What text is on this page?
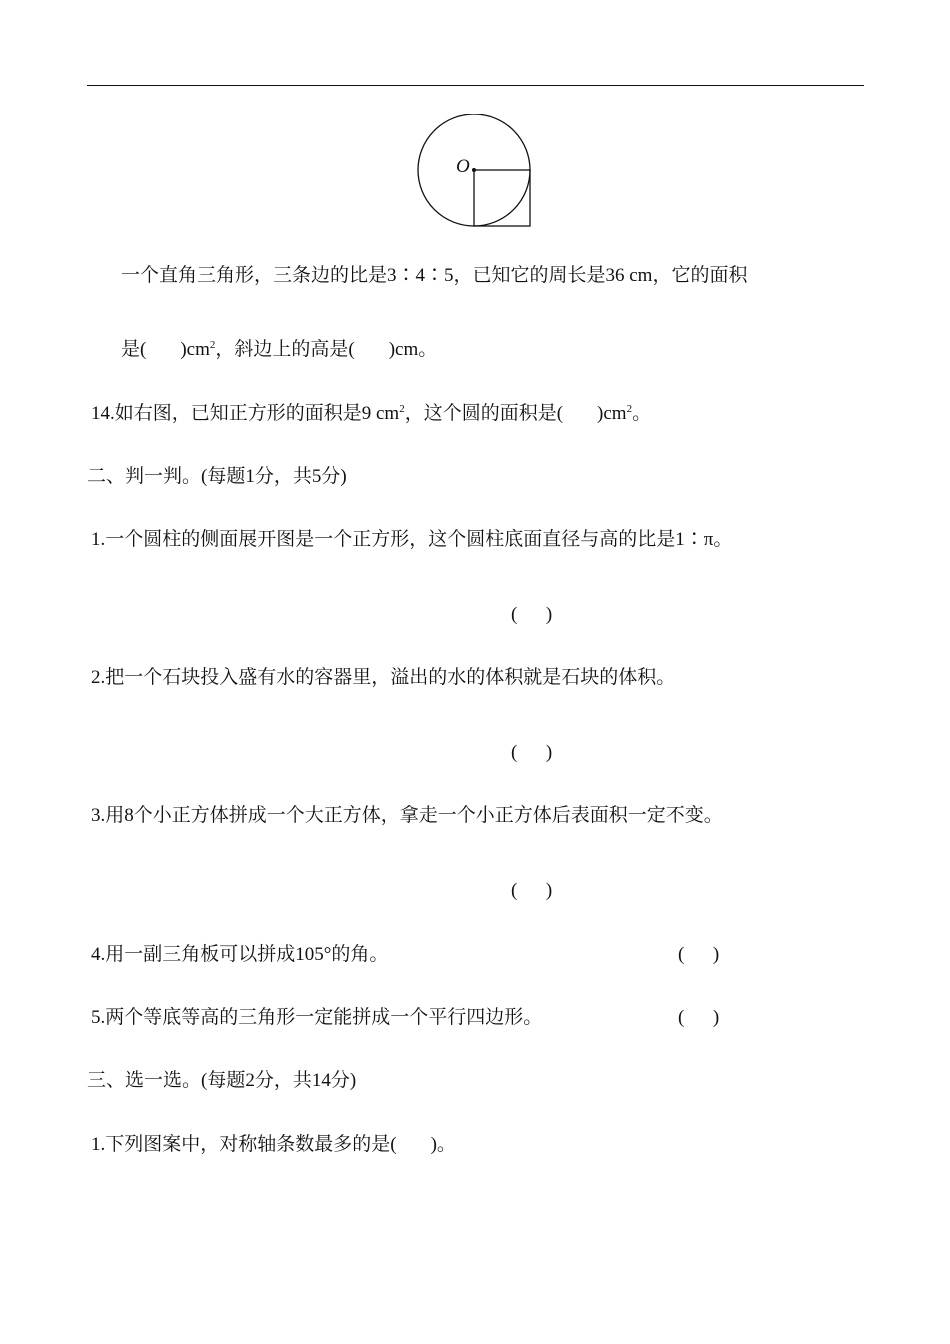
O
一个直角三角形，三条边的比是3∶4∶5，已知它的周长是36 cm，它的面积
是( )$cm^2$，斜边上的高是( )cm。
14.如右图，已知正方形的面积是9 $cm^2$，这个圆的面积是( )$cm^2$。
二、判一判。(每题1分，共5分)
1.一个圆柱的侧面展开图是一个正方形，这个圆柱底面直径与高的比是1∶π。
(      )
2.把一个石块投入盛有水的容器里，溢出的水的体积就是石块的体积。
(      )
3.用8个小正方体拼成一个大正方体，拿走一个小正方体后表面积一定不变。
(      )
4.用一副三角板可以拼成105°的角。	(      )
5.两个等底等高的三角形一定能拼成一个平行四边形。	(      )
三、选一选。(每题2分，共14分)
1.下列图案中，对称轴条数最多的是( )。
